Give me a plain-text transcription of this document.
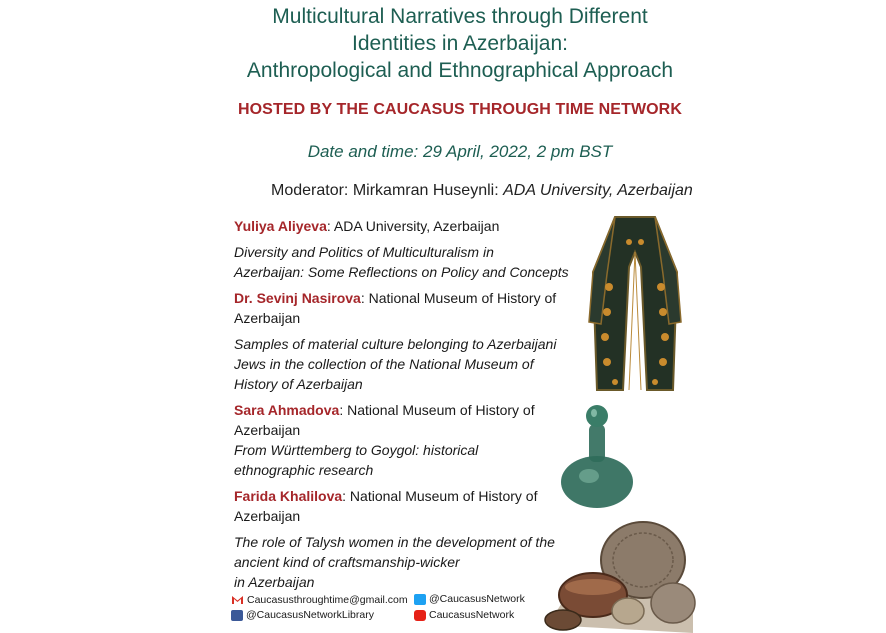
Multicultural Narratives through Different
Identities in Azerbaijan:
Anthropological and Ethnographical Approach
HOSTED BY THE CAUCASUS THROUGH TIME NETWORK
Date and time: 29 April, 2022, 2 pm BST
Moderator: Mirkamran Huseynli: ADA University, Azerbaijan
Yuliya Aliyeva: ADA University, Azerbaijan
Diversity and Politics of Multiculturalism in
Azerbaijan: Some Reflections on Policy and Concepts
Dr. Sevinj Nasirova: National Museum of History of
Azerbaijan
Samples of material culture belonging to Azerbaijani
Jews in the collection of the National Museum of
History of Azerbaijan
Sara Ahmadova: National Museum of History of
Azerbaijan
From Württemberg to Goygol: historical
ethnographic research
Farida Khalilova: National Museum of History of
Azerbaijan
The role of Talysh women in the development of the
ancient kind of craftsmanship-wicker
in Azerbaijan
Caucasusthroughtime@gmail.com @CaucasusNetwork
@CaucasusNetworkLibrary	CaucasusNetwork
